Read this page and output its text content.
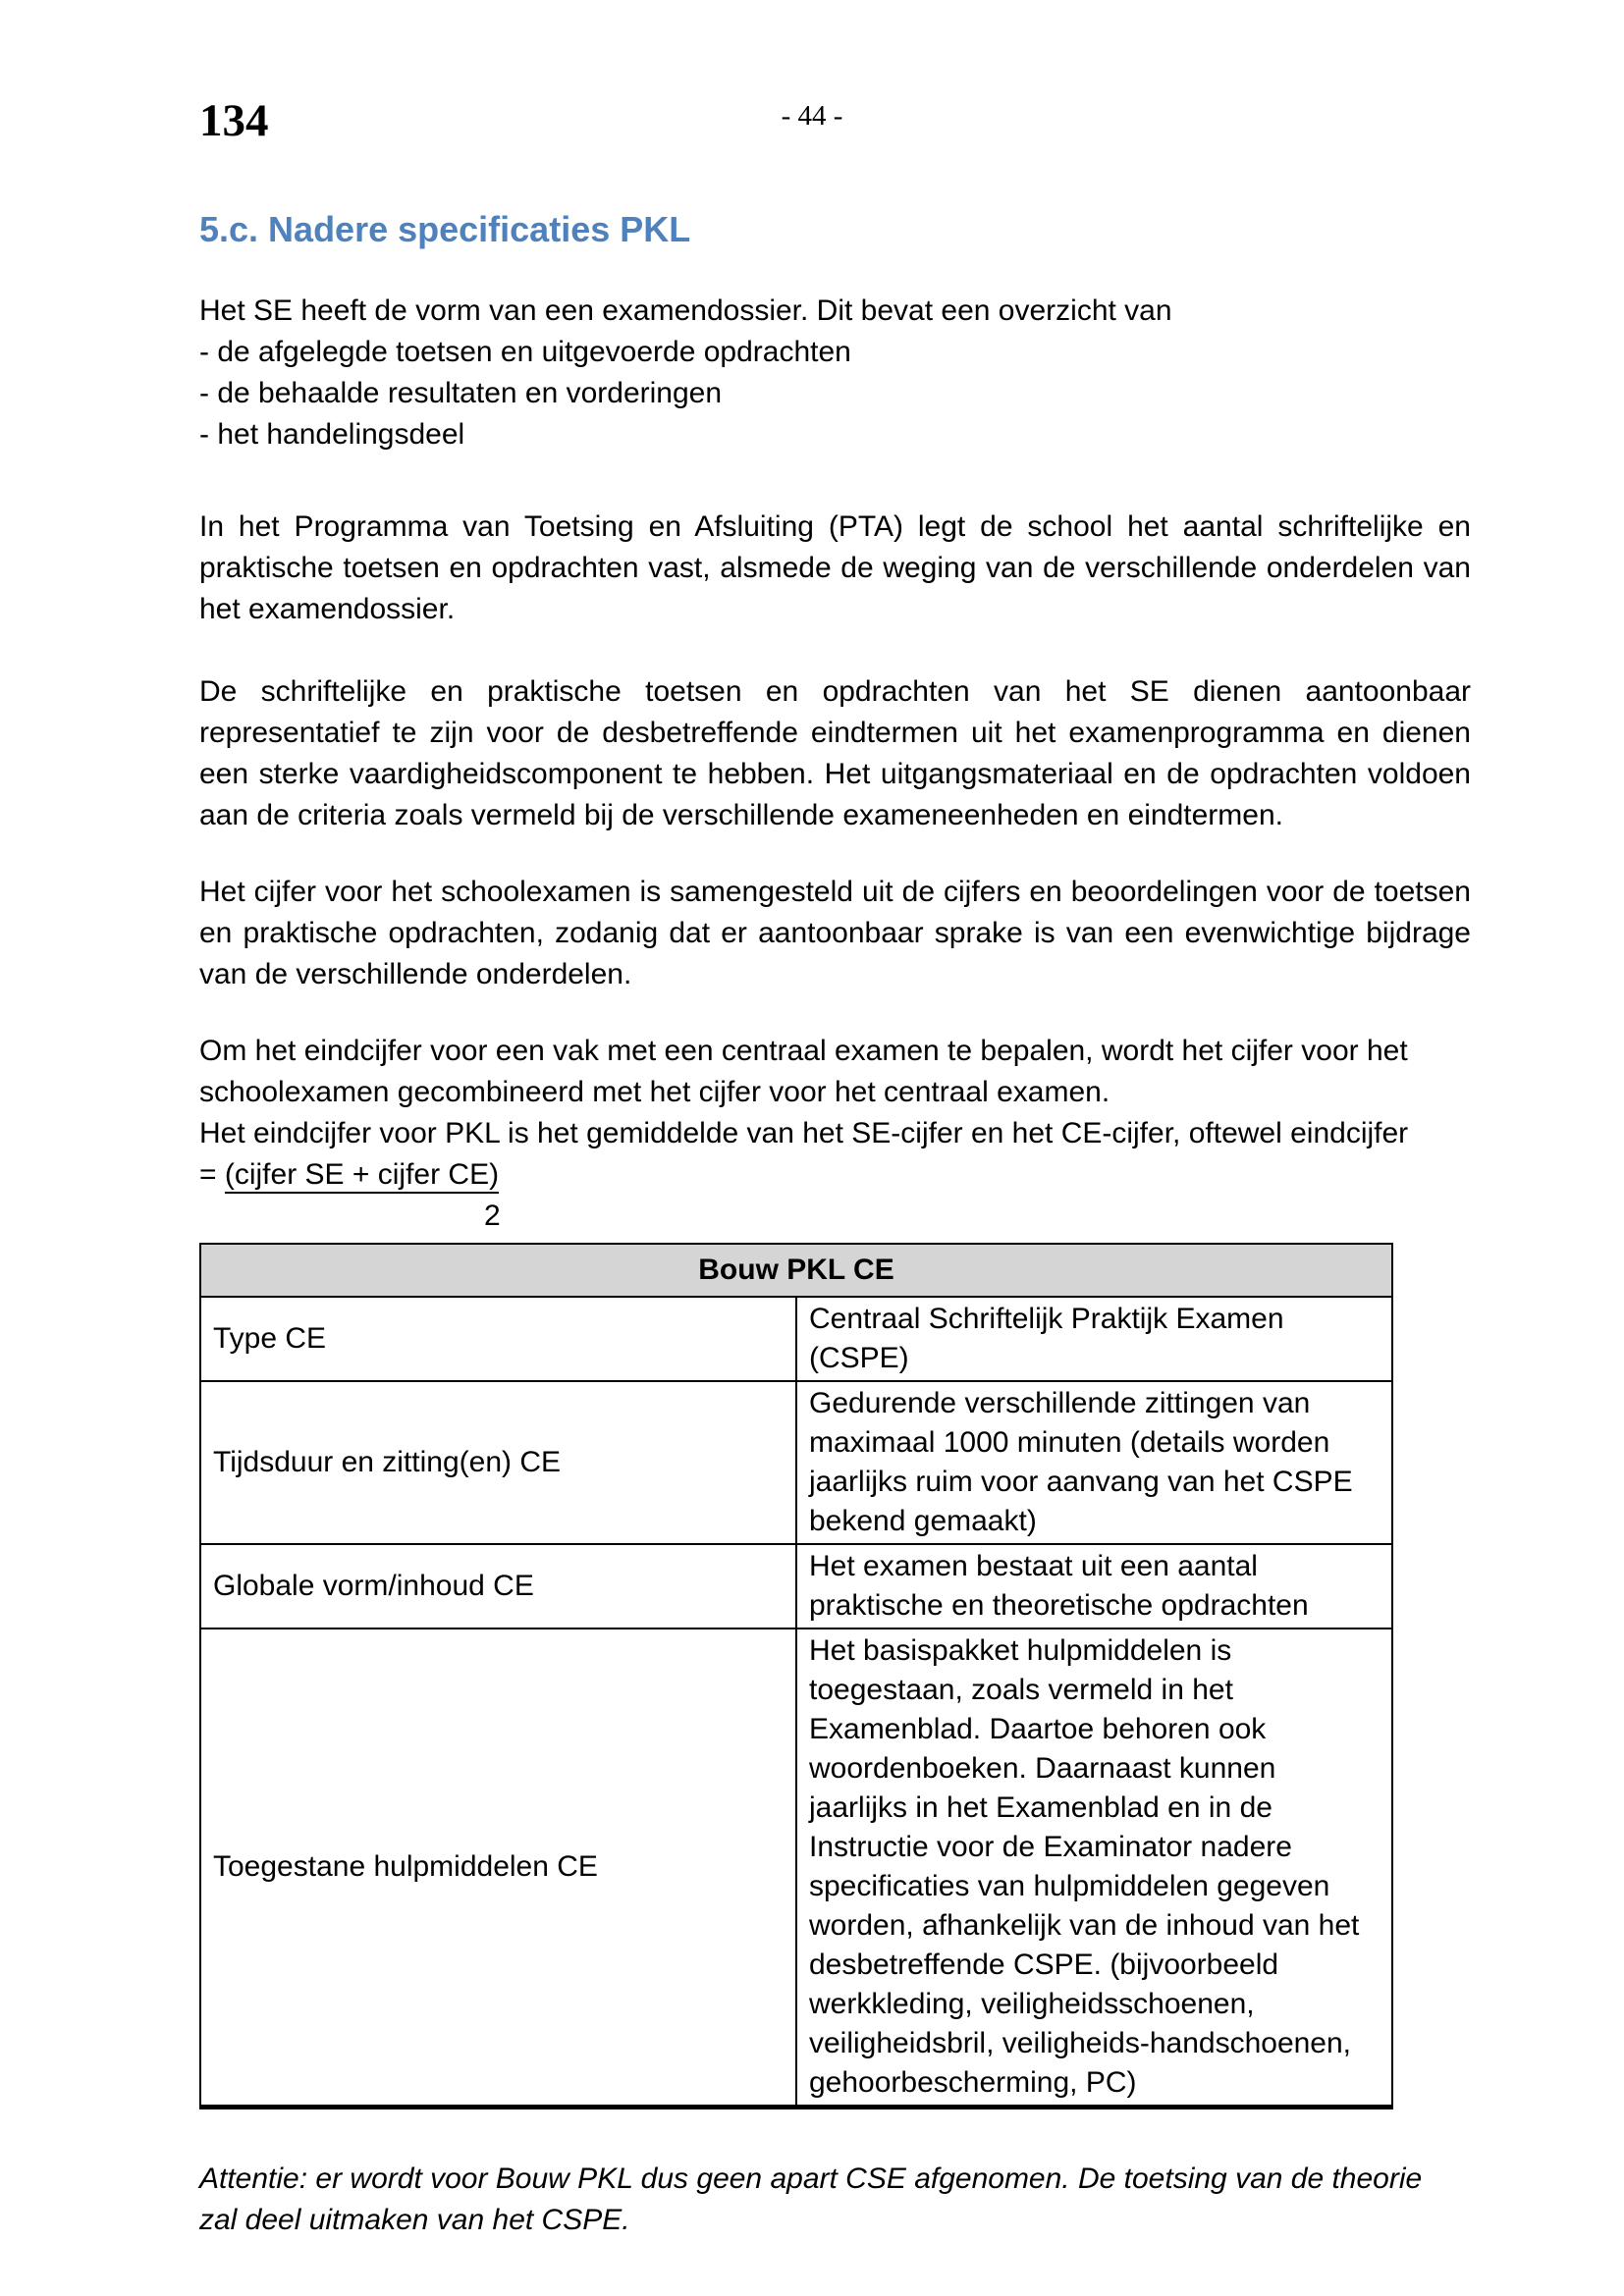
- 44 -
134
5.c. Nadere specificaties PKL

Het SE heeft de vorm van een examendossier. Dit bevat een overzicht van
- de afgelegde toetsen en uitgevoerde opdrachten
- de behaalde resultaten en vorderingen
- het handelingsdeel

In het Programma van Toetsing en Afsluiting (PTA) legt de school het aantal schriftelijke en praktische toetsen en opdrachten vast, alsmede de weging van de verschillende onderdelen van het examendossier.

De schriftelijke en praktische toetsen en opdrachten van het SE dienen aantoonbaar representatief te zijn voor de desbetreffende eindtermen uit het examenprogramma en dienen een sterke vaardigheidscomponent te hebben. Het uitgangsmateriaal en de opdrachten voldoen aan de criteria zoals vermeld bij de verschillende exameneenheden en eindtermen.

Het cijfer voor het schoolexamen is samengesteld uit de cijfers en beoordelingen voor de toetsen en praktische opdrachten, zodanig dat er aantoonbaar sprake is van een evenwichtige bijdrage van de verschillende onderdelen.

Om het eindcijfer voor een vak met een centraal examen te bepalen, wordt het cijfer voor het schoolexamen gecombineerd met het cijfer voor het centraal examen.
Het eindcijfer voor PKL is het gemiddelde van het SE-cijfer en het CE-cijfer, oftewel eindcijfer
= (cijfer SE + cijfer CE)

2
Bouw PKL CE	
Type CE	Centraal Schriftelijk Praktijk Examen (CSPE)
Tijdsduur en zitting(en) CE	Gedurende verschillende zittingen van maximaal 1000 minuten (details worden jaarlijks ruim voor aanvang van het CSPE bekend gemaakt)
Globale vorm/inhoud CE	Het examen bestaat uit een aantal praktische en theoretische opdrachten
Toegestane hulpmiddelen CE	Het basispakket hulpmiddelen is toegestaan, zoals vermeld in het Examenblad. Daartoe behoren ook woordenboeken. Daarnaast kunnen jaarlijks in het Examenblad en in de Instructie voor de Examinator nadere specificaties van hulpmiddelen gegeven worden, afhankelijk van de inhoud van het desbetreffende CSPE. (bijvoorbeeld werkkleding, veiligheidsschoenen, veiligheidsbril, veiligheids-handschoenen, gehoorbescherming, PC)

Attentie: er wordt voor Bouw PKL dus geen apart CSE afgenomen. De toetsing van de theorie
zal deel uitmaken van het CSPE.
